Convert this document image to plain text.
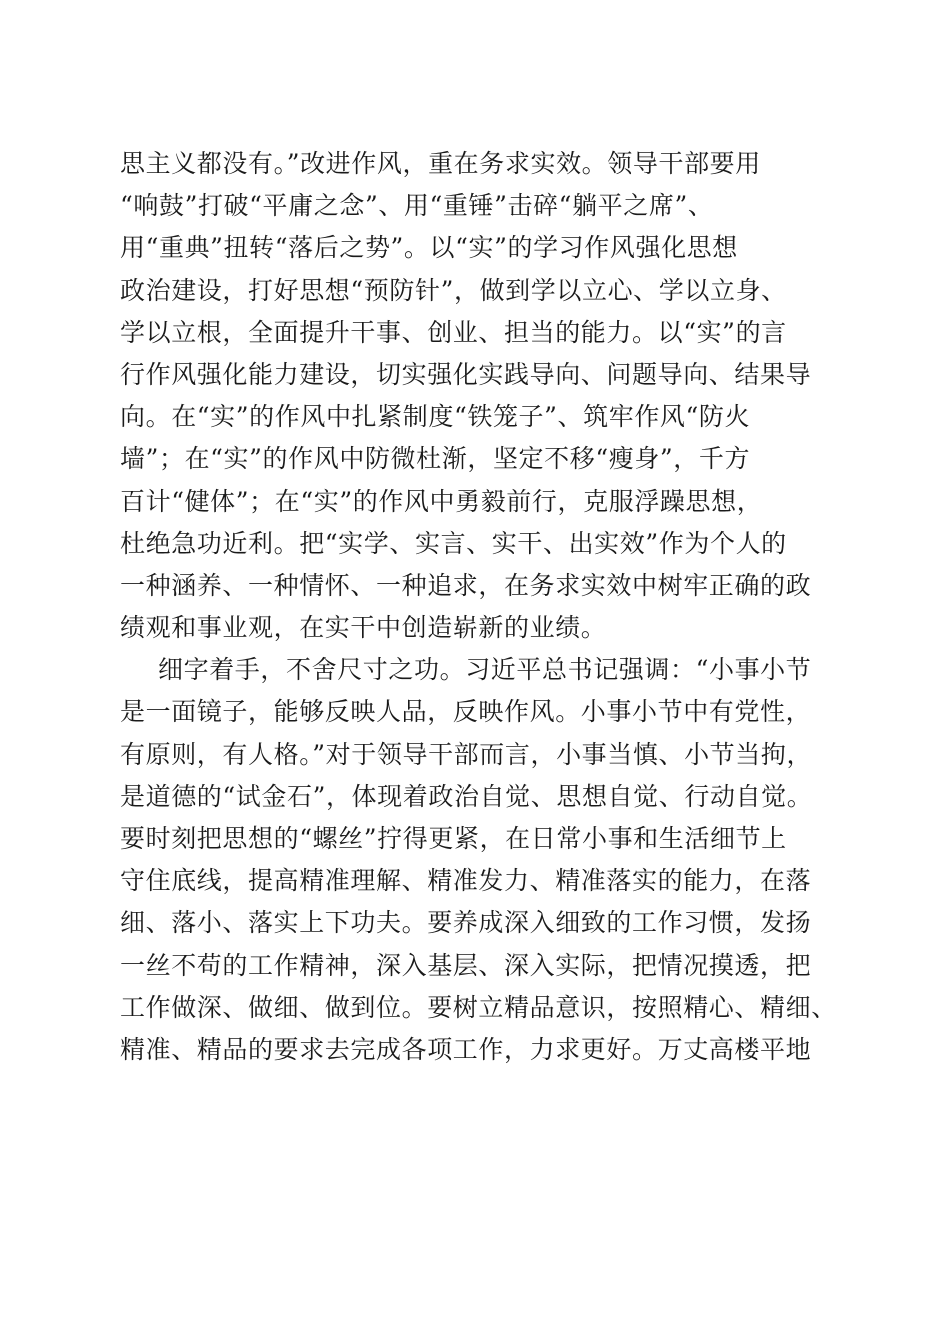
思主义都没有。”改进作风，重在务求实效。领导干部要用
“响鼓”打破“平庸之念”、用“重锤”击碎“躺平之席”、
用“重典”扭转“落后之势”。以“实”的学习作风强化思想
政治建设，打好思想“预防针”，做到学以立心、学以立身、
学以立根，全面提升干事、创业、担当的能力。以“实”的言
行作风强化能力建设，切实强化实践导向、问题导向、结果导
向。在“实”的作风中扎紧制度“铁笼子”、筑牢作风“防火
墙”；在“实”的作风中防微杜渐，坚定不移“瘦身”，千方
百计“健体”；在“实”的作风中勇毅前行，克服浮躁思想，
杜绝急功近利。把“实学、实言、实干、出实效”作为个人的
一种涵养、一种情怀、一种追求，在务求实效中树牢正确的政
绩观和事业观，在实干中创造崭新的业绩。
细字着手，不舍尺寸之功。习近平总书记强调：“小事小节
是一面镜子，能够反映人品，反映作风。小事小节中有党性，
有原则，有人格。”对于领导干部而言，小事当慎、小节当拘，
是道德的“试金石”，体现着政治自觉、思想自觉、行动自觉。
要时刻把思想的“螺丝”拧得更紧，在日常小事和生活细节上
守住底线，提高精准理解、精准发力、精准落实的能力，在落
细、落小、落实上下功夫。要养成深入细致的工作习惯，发扬
一丝不苟的工作精神，深入基层、深入实际，把情况摸透，把
工作做深、做细、做到位。要树立精品意识，按照精心、精细、
精准、精品的要求去完成各项工作，力求更好。万丈高楼平地
